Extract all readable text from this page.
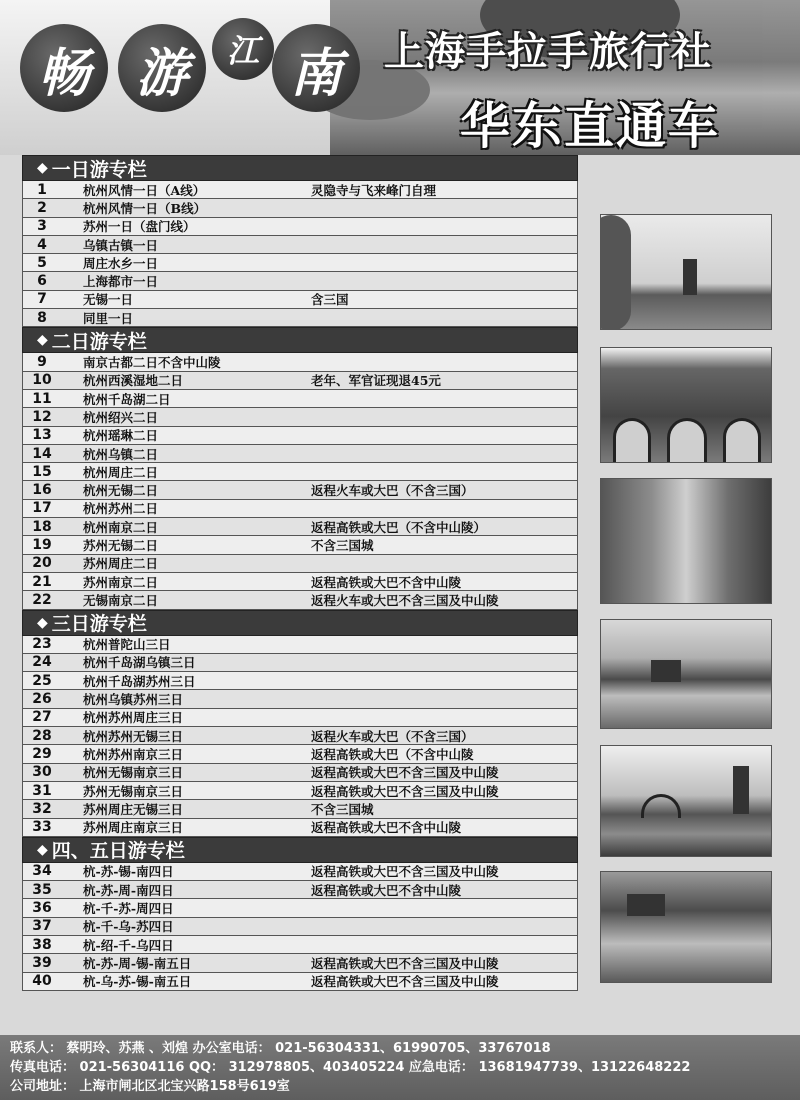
畅 游 江 南 上海手拉手旅行社
华东直通车
◆ 一日游专栏
1	杭州风情一日（A线）	灵隐寺与飞来峰门自理
2	杭州风情一日（B线）
3	苏州一日（盘门线）
4	乌镇古镇一日
5	周庄水乡一日
6	上海都市一日
7	无锡一日	含三国
8	同里一日
◆ 二日游专栏
9	南京古都二日不含中山陵
10	杭州西溪湿地二日	老年、军官证现退45元
11	杭州千岛湖二日
12	杭州绍兴二日
13	杭州瑶琳二日
14	杭州乌镇二日
15	杭州周庄二日
16	杭州无锡二日	返程火车或大巴（不含三国）
17	杭州苏州二日
18	杭州南京二日	返程高铁或大巴（不含中山陵）
19	苏州无锡二日	不含三国城
20	苏州周庄二日
21	苏州南京二日	返程高铁或大巴不含中山陵
22	无锡南京二日	返程火车或大巴不含三国及中山陵
◆ 三日游专栏
23	杭州普陀山三日
24	杭州千岛湖乌镇三日
25	杭州千岛湖苏州三日
26	杭州乌镇苏州三日
27	杭州苏州周庄三日
28	杭州苏州无锡三日	返程火车或大巴（不含三国）
29	杭州苏州南京三日	返程高铁或大巴（不含中山陵
30	杭州无锡南京三日	返程高铁或大巴不含三国及中山陵
31	苏州无锡南京三日	返程高铁或大巴不含三国及中山陵
32	苏州周庄无锡三日	不含三国城
33	苏州周庄南京三日	返程高铁或大巴不含中山陵
◆ 四、五日游专栏
34	杭-苏-锡-南四日	返程高铁或大巴不含三国及中山陵
35	杭-苏-周-南四日	返程高铁或大巴不含中山陵
36	杭-千-苏-周四日
37	杭-千-乌-苏四日
38	杭-绍-千-乌四日
39	杭-苏-周-锡-南五日	返程高铁或大巴不含三国及中山陵
40	杭-乌-苏-锡-南五日	返程高铁或大巴不含三国及中山陵
联系人： 蔡明玲、苏燕 、刘煌 办公室电话： 021-56304331、61990705、33767018
传真电话： 021-56304116 QQ： 312978805、403405224 应急电话： 13681947739、13122648222
公司地址： 上海市闸北区北宝兴路158号619室
